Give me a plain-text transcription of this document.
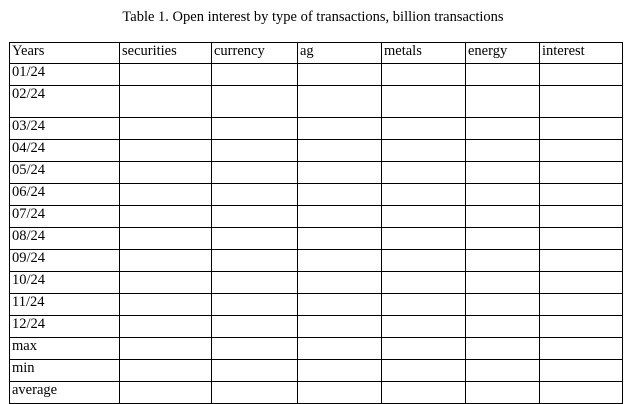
Table 1. Open interest by type of transactions, billion transactions
Years	securities	currency	ag	metals	energy	interest
01/24						
02/24						
03/24						
04/24						
05/24						
06/24						
07/24						
08/24						
09/24						
10/24						
11/24						
12/24						
max						
min						
average						
